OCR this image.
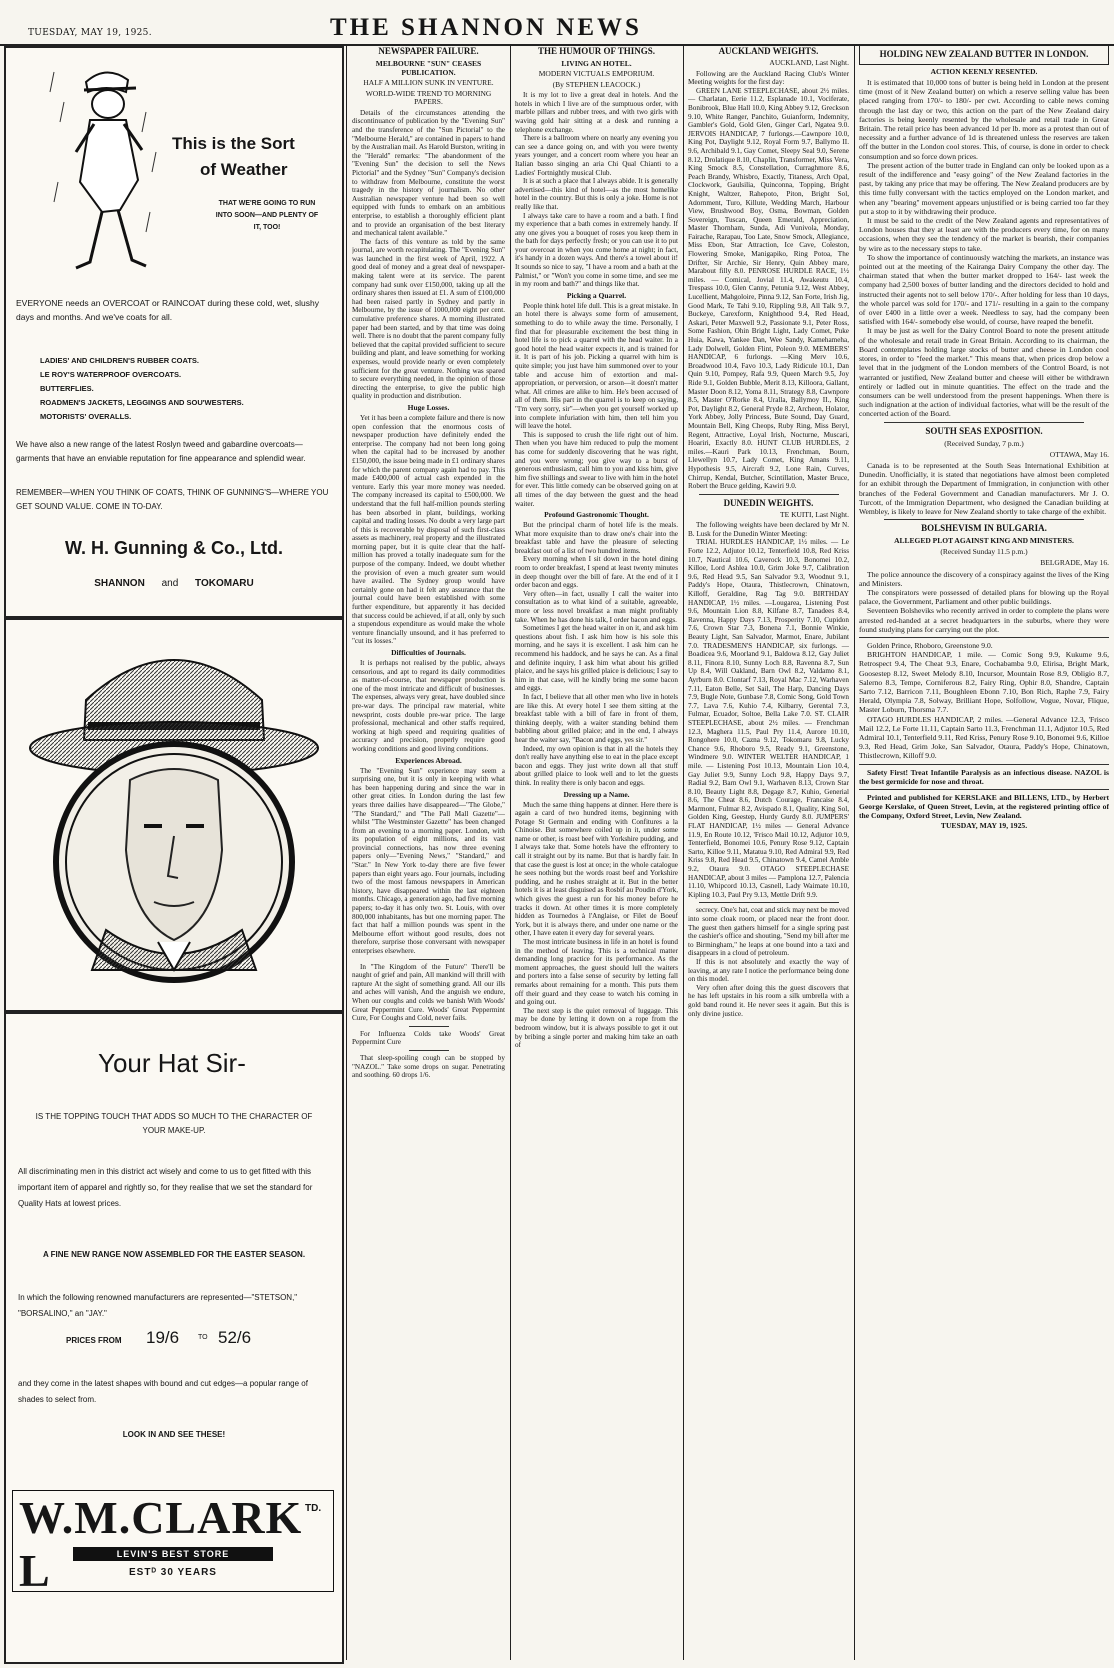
TUESDAY, MAY 19, 1925.	THE SHANNON NEWS
This is the Sort
of Weather
THAT WE'RE GOING TO RUN
INTO SOON—AND PLENTY OF
IT, TOO!

EVERYONE needs an OVERCOAT or RAINCOAT during these cold, wet, slushy days and months. And we've coats for all.

LADIES' AND CHILDREN'S RUBBER COATS.
LE ROY'S WATERPROOF OVERCOATS.
BUTTERFLIES.
ROADMEN'S JACKETS, LEGGINGS AND SOU'WESTERS.
MOTORISTS' OVERALLS.

We have also a new range of the latest Roslyn tweed and gabardine overcoats—garments that have an enviable reputation for fine appearance and splendid wear.

REMEMBER—WHEN YOU THINK OF COATS, THINK OF GUNNING'S—WHERE YOU GET SOUND VALUE. COME IN TO-DAY.

W. H. Gunning & Co., Ltd.
SHANNON and TOKOMARU
Your Hat Sir-

IS THE TOPPING TOUCH THAT ADDS SO MUCH TO THE CHARACTER OF YOUR MAKE-UP.

All discriminating men in this district act wisely and come to us to get fitted with this important item of apparel and rightly so, for they realise that we set the standard for Quality Hats at lowest prices.

A FINE NEW RANGE NOW ASSEMBLED FOR THE EASTER SEASON.

In which the following renowned manufacturers are represented—"STETSON," "BORSALINO," an "JAY."

PRICES FROM 19/6	TO 52/6

and they come in the latest shapes with bound and cut edges—a popular range of shades to select from.

LOOK IN AND SEE THESE!
W.M.CLARK L
TD.
LEVIN'S BEST STORE
ESTᴰ 30 YEARS
NEWSPAPER FAILURE.
MELBOURNE "SUN" CEASES PUBLICATION.
HALF A MILLION SUNK IN VENTURE.
WORLD-WIDE TREND TO MORNING PAPERS.

Details of the circumstances attending the discontinuance of publication by the "Evening Sun" and the transference of the "Sun Pictorial" to the "Melbourne Herald," are contained in papers to hand by the Australian mail. As Harold Burston, writing in the "Herald" remarks: "The abandonment of the "Evening Sun" the decision to sell the News Pictorial" and the Sydney "Sun" Company's decision to withdraw from Melbourne, constitute the worst tragedy in the history of journalism. No other Australian newspaper venture had been so well equipped with funds to embark on an ambitious enterprise, to establish a thoroughly efficient plant and to provide an organisation of the best literary and mechanical talent available."

The facts of this venture as told by the same journal, are worth recapitulating. The "Evening Sun" was launched in the first week of April, 1922. A good deal of money and a great deal of newspaper-making talent were at its service. The parent company had sunk over £150,000, taking up all the ordinary shares then issued at £1. A sum of £100,000 had been raised partly in Sydney and partly in Melbourne, by the issue of 1000,000 eight per cent. cumulative preference shares. A morning illustrated paper had been started, and by that time was doing well. There is no doubt that the parent company fully believed that the capital provided sufficient to secure building and plant, and leave something for working expenses, would provide nearly or even completely sufficient for the great venture. Nothing was spared to secure everything needed, in the opinion of those directing the enterprise, to give the public high quality in production and distribution.

Huge Losses.

Yet it has been a complete failure and there is now open confession that the enormous costs of newspaper production have definitely ended the enterprise. The company had not been long going when the capital had to be increased by another £150,000, the issue being made in £1 ordinary shares for which the parent company again had to pay. This made £400,000 of actual cash expended in the venture. Early this year more money was needed. The company increased its capital to £500,000. We understand that the full half-million pounds sterling has been absorbed in plant, buildings, working capital and trading losses. No doubt a very large part of this is recoverable by disposal of such first-class assets as machinery, real property and the illustrated morning paper, but it is quite clear that the half-million has proved a totally inadequate sum for the purpose of the company. Indeed, we doubt whether the provision of even a much greater sum would have availed. The Sydney group would have certainly gone on had it felt any assurance that the journal could have been established with some further expenditure, but apparently it has decided that success could be achieved, if at all, only by such a stupendous expenditure as would make the whole venture financially unsound, and it has preferred to "cut its losses."

Difficulties of Journals.

It is perhaps not realised by the public, always censorious, and apt to regard its daily commodities as matter-of-course, that newspaper production is one of the most intricate and difficult of businesses. The expenses, always very great, have doubled since pre-war days. The principal raw material, white newsprint, costs double pre-war price. The large professional, mechanical and other staffs required, working at high speed and requiring qualities of accuracy and precision, properly require good working conditions and good living conditions.

Experiences Abroad.

The "Evening Sun" experience may seem a surprising one, but it is only in keeping with what has been happening during and since the war in other great cities. In London during the last few years three dailies have disappeared—"The Globe," "The Standard," and "The Pall Mall Gazette"—whilst "The Westminster Gazette" has been changed from an evening to a morning paper. London, with its population of eight millions, and its vast provincial connections, has now three evening papers only—"Evening News," "Standard," and "Star." In New York to-day there are five fewer papers than eight years ago. Four journals, including two of the most famous newspapers in American history, have disappeared within the last eighteen months. Chicago, a generation ago, had five morning papers; to-day it has only two. St. Louis, with over 800,000 inhabitants, has but one morning paper. The fact that half a million pounds was spent in the Melbourne effort without good results, does not therefore, surprise those conversant with newspaper enterprises elsewhere.

In "The Kingdom of the Future" There'll be naught of grief and pain, All mankind will thrill with rapture At the sight of something grand. All our ills and aches will vanish, And the anguish we endure, When our coughs and colds we banish With Woods' Great Peppermint Cure. Woods' Great Peppermint Cure, For Coughs and Cold, never fails.

For Influenza Colds take Woods' Great Peppermint Cure

That sleep-spoiling cough can be stopped by "NAZOL." Take some drops on sugar. Penetrating and soothing. 60 drops 1/6.

THE HUMOUR OF THINGS.
LIVING AN HOTEL.
MODERN VICTUALS EMPORIUM.
(By STEPHEN LEACOCK.)

It is my lot to live a great deal in hotels. And the hotels in which I live are of the sumptuous order, with marble pillars and rubber trees, and with two girls with waving gold hair sitting at a desk and running a telephone exchange.

There is a ballroom where on nearly any evening you can see a dance going on, and with you were twenty years younger, and a concert room where you hear an Italian basso singing an aria Chi Qual Chianti to a Ladies' Fortnightly musical Club.

It is at such a place that I always abide. It is generally advertised—this kind of hotel—as the most homelike hotel in the country. But this is only a joke. Home is not really like that.

I always take care to have a room and a bath. I find my experience that a bath comes in extremely handy. If any one gives you a bouquet of roses you keep them in the bath for days perfectly fresh; or you can use it to put your overcoat in when you come home at night; in fact, it's handy in a dozen ways. And there's a towel about it! It sounds so nice to say, "I have a room and a bath at the Palmist," or "Won't you come in some time, and see me in my room and bath?" and things like that.

Picking a Quarrel.

People think hotel life dull. This is a great mistake. In an hotel there is always some form of amusement, something to do to while away the time. Personally, I find that for pleasurable excitement the best thing in hotel life is to pick a quarrel with the head waiter. In a good hotel the head waiter expects it, and is trained for it. It is part of his job. Picking a quarrel with him is quite simple; you just have him summoned over to your table and accuse him of extortion and mal-appropriation, or perversion, or arson—it doesn't matter what. All crimes are alike to him. He's been accused of all of them. His part in the quarrel is to keep on saying, "I'm very sorry, sir"—when you get yourself worked up into complete infuriation with him, then tell him you will leave the hotel.

This is supposed to crush the life right out of him. Then when you have him reduced to pulp the moment has come for suddenly discovering that he was right, and you were wrong; you give way to a burst of generous enthusiasm, call him to you and kiss him, give him five shillings and swear to live with him in the hotel for ever. This little comedy can be observed going on at all times of the day between the guest and the head waiter.

Profound Gastronomic Thought.

But the principal charm of hotel life is the meals. What more exquisite than to draw one's chair into the breakfast table and have the pleasure of selecting breakfast out of a list of two hundred items.

Every morning when I sit down in the hotel dining room to order breakfast, I spend at least twenty minutes in deep thought over the bill of fare. At the end of it I order bacon and eggs.

Very often—in fact, usually I call the waiter into consultation as to what kind of a suitable, agreeable, more or less novel breakfast a man might profitably take. When he has done his talk, I order bacon and eggs.

Sometimes I get the head waiter in on it, and ask him questions about fish. I ask him how is his sole this morning, and he says it is excellent. I ask him can he recommend his haddock, and he says he can. As a final and definite inquiry, I ask him what about his grilled plaice, and he says his grilled plaice is delicious; I say to him in that case, will he kindly bring me some bacon and eggs.

In fact, I believe that all other men who live in hotels are like this. At every hotel I see them sitting at the breakfast table with a bill of fare in front of them, thinking deeply, with a waiter standing behind them babbling about grilled plaice; and in the end, I always hear the waiter say, "Bacon and eggs, yes sir."

Indeed, my own opinion is that in all the hotels they don't really have anything else to eat in the place except bacon and eggs. They just write down all that stuff about grilled plaice to look well and to let the guests think. In reality there is only bacon and eggs.

Dressing up a Name.

Much the same thing happens at dinner. Here there is again a card of two hundred items, beginning with Potage St Germain and ending with Confitures a la Chinoise. But somewhere coiled up in it, under some name or other, is roast beef with Yorkshire pudding, and I always take that. Some hotels have the effrontery to call it straight out by its name. But that is hardly fair. In that case the guest is lost at once; in the whole catalogue he sees nothing but the words roast beef and Yorkshire pudding, and he rushes straight at it. But in the better hotels it is at least disguised as Rosbif au Poudin d'York, which gives the guest a run for his money before he tracks it down. At other times it is more completely hidden as Tournedos à l'Anglaise, or Filet de Boeuf York, but it is always there, and under one name or the other, I have eaten it every day for several years.

The most intricate business in life in an hotel is found in the method of leaving. This is a technical matter demanding long practice for its performance. As the moment approaches, the guest should lull the waiters and porters into a false sense of security by letting fall remarks about remaining for a month. This puts them off their guard and they cease to watch his coming in and going out.

The next step is the quiet removal of luggage. This may be done by letting it down on a rope from the bedroom window, but it is always possible to get it out by bribing a single porter and making him take an oath of

AUCKLAND WEIGHTS.
AUCKLAND, Last Night.

Following are the Auckland Racing Club's Winter Meeting weights for the first day:

GREEN LANE STEEPLECHASE, about 2½ miles. — Charlatan, Eerie 11.2, Esplanade 10.1, Vociferate, Bonibrook, Blue Hall 10.0, King Abbey 9.12, Greckson 9.10, White Ranger, Panchito, Guianform, Indemnity, Gambler's Gold, Gold Glen, Ginger Carl, Ngatea 9.0. JERVOIS HANDICAP, 7 furlongs.—Cawnpore 10.0, King Pot, Daylight 9.12, Royal Form 9.7, Ballymo II. 9.6, Archibald 9.1, Gay Comet, Sleepy Seal 9.0, Serene 8.12, Drolatique 8.10, Chaplin, Transformer, Miss Vera, King Smock 8.5, Constellation, Curraghmore 8.6, Peach Brandy, Whisbro, Exactly, Titaness, Arch Opal, Clockwork, Gaulsilia, Quinconna, Topping, Bright Knight, Waltzer, Rahepoto, Piton, Bright Sol, Adornment, Turo, Killute, Wedding March, Harbour View, Brushwood Boy, Osma, Bowman, Golden Sovereign, Tuscan, Queen Emerald, Appreciation, Master Thornham, Sunda, Adi Vunivola, Monday, Fairache, Rarapau, Too Late, Snow Smock, Allegiance, Miss Ebon, Star Attraction, Ice Cave, Coleston, Flowering Smoke, Manigapiko, Ring Potoa, The Drifter, Sir Archie, Sir Henry, Quin Abbey mare, Marabout filly 8.0. PENROSE HURDLE RACE, 1½ miles. — Comical, Jovial 11.4, Awakeutu 10.4, Trespass 10.0, Glen Canny, Petunia 9.12, West Abbey, Lucellient, Mahgoloire, Pinna 9.12, San Forte, Irish Jig, Good Mark, Te Tahi 9.10, Rippling 9.8, All Talk 9.7, Buckeye, Carexform, Knighthood 9.4, Red Head, Askari, Peter Maxwell 9.2, Passionate 9.1, Peter Ross, Some Fashion, Ohin Bright Light, Lady Comet, Puke Huia, Kawa, Yankee Dan, Wee Sandy, Kamehameha, Lady Dolwell, Golden Flint, Poleon 9.0. MEMBERS' HANDICAP, 6 furlongs. —King Merv 10.6, Broadwood 10.4, Favo 10.3, Lady Ridicule 10.1, Dan Quin 9.10, Pompey, Rafa 9.9, Queen March 9.5, Joy Ride 9.1, Golden Bubble, Merit 8.13, Killoora, Gallant, Master Doon 8.12, Yoma 8.11, Strategy 8.8, Cawnpore 8.5, Master O'Rorke 8.4, Uralla, Ballymoy II., King Pot, Daylight 8.2, General Pryde 8.2, Archeon, Holator, York Abbey, Jolly Princess, Bute Sound, Day Guard, Mountain Bell, King Cheops, Ruby Ring, Miss Beryl, Regent, Attractive, Loyal Irish, Nocturne, Muscari, Hoariri, Exactly 8.0. HUNT CLUB HURDLES, 2 miles.—Kauri Park 10.13, Frenchman, Bourn, Llewellyn 10.7, Lady Comet, King Amans 9.11, Hypothesis 9.5, Aircraft 9.2, Lone Rain, Curves, Chirrup, Kendal, Butcher, Scintillation, Master Bruce, Robert the Bruce gelding, Kawiri 9.0.

DUNEDIN WEIGHTS.
TE KUITI, Last Night.

The following weights have been declared by Mr N. B. Lusk for the Dunedin Winter Meeting:

TRIAL HURDLES HANDICAP, 1½ miles. — Le Forte 12.2, Adjutor 10.12, Tenterfield 10.8, Red Kriss 10.7, Nautical 10.6, Caverock 10.3, Bonomei 10.2, Killoe, Lord Ashlea 10.0, Grim Joke 9.7, Calibration 9.6, Red Head 9.5, San Salvador 9.3, Woodnut 9.1, Paddy's Hope, Otaura, Thistlecrown, Chinatown, Killoff, Geraldine, Rag Tag 9.0. BIRTHDAY HANDICAP, 1½ miles. —Lougarea, Listening Post 9.6, Mountain Lion 8.8, Kilfane 8.7, Tanadees 8.4, Ravenna, Happy Days 7.13, Prosperity 7.10, Cupidon 7.6, Crown Star 7.3, Bonena 7.1, Bonnie Winkie, Beauty Light, San Salvador, Marmot, Enare, Jubilant 7.0. TRADESMEN'S HANDICAP, six furlongs. — Boadicea 9.6, Moorland 9.1, Baldowa 8.12, Gay Juliet 8.11, Finora 8.10, Sunny Loch 8.8, Ravenna 8.7, Sun Up 8.4, Will Oakland, Barn Owl 8.2, Valdamo 8.1, Ayrburn 8.0. Clontarf 7.13, Royal Mac 7.12, Warhaven 7.11, Eaton Belle, Set Sail, The Harp, Dancing Days 7.9, Bugle Note, Gunbase 7.8, Comic Song, Gold Town 7.7, Lava 7.6, Kuhio 7.4, Kilbarry, Gerental 7.3, Fulmar, Ecuador, Soltoe, Bella Lake 7.0. ST. CLAIR STEEPLECHASE, about 2½ miles. — Frenchman 12.3, Maghera 11.5, Paul Pry 11.4, Aurore 10.10, Rongohere 10.0, Cazna 9.12, Tokomaru 9.8, Lucky Chance 9.6, Rhoboro 9.5, Ready 9.1, Greenstone, Windmere 9.0. WINTER WELTER HANDICAP, 1 mile. — Listening Post 10.13, Mountain Lion 10.4, Gay Juliet 9.9, Sunny Loch 9.8, Happy Days 9.7, Radial 9.2, Barn Owl 9.1, Warhaven 8.13, Crown Star 8.10, Beauty Light 8.8, Degage 8.7, Kuhio, Generial 8.6, The Cheat 8.6, Dutch Courage, Francaise 8.4, Marmont, Fulmar 8.2, Avispado 8.1, Quality, King Sol, Golden King, Geestep, Hurdy Gurdy 8.0. JUMPERS' FLAT HANDICAP, 1½ miles — General Advance 11.9, En Route 10.12, 'Frisco Mail 10.12, Adjutor 10.9, Tenterfield, Bonomei 10.6, Penury Rose 9.12, Captain Sarto, Killoe 9.11, Matatua 9.10, Red Admiral 9.9, Red Kriss 9.8, Red Head 9.5, Chinatown 9.4, Camel Amble 9.2, Otaura 9.0. OTAGO STEEPLECHASE HANDICAP, about 3 miles — Pamplona 12.7, Palencia 11.10, Whipcord 10.13, Casnell, Lady Waimate 10.10, Kipling 10.3, Paul Pry 9.13, Mettle Drift 9.9.

secrecy. One's hat, coat and stick may next be moved into some cloak room, or placed near the front door. The guest then gathers himself for a single spring past the cashier's office and shouting, "Send my bill after me to Birmingham," he leaps at one bound into a taxi and disappears in a cloud of petroleum.

If this is not absolutely and exactly the way of leaving, at any rate I notice the performance being done on this model.

Very often after doing this the guest discovers that he has left upstairs in his room a silk umbrella with a gold band round it. He never sees it again. But this is only divine justice.

HOLDING NEW ZEALAND BUTTER IN LONDON.
ACTION KEENLY RESENTED.

It is estimated that 10,000 tons of butter is being held in London at the present time (most of it New Zealand butter) on which a reserve selling value has been placed ranging from 170/- to 180/- per cwt. According to cable news coming through the last day or two, this action on the part of the New Zealand dairy factories is being keenly resented by the wholesale and retail trade in Great Britain. The retail price has been advanced 1d per lb. more as a protest than out of necessity and a further advance of 1d is threatened unless the reserves are taken off the butter in the London cool stores. This, of course, is done in order to check consumption and so force down prices.

The present action of the butter trade in England can only be looked upon as a result of the indifference and "easy going" of the New Zealand factories in the past, by taking any price that may be offering. The New Zealand producers are by this time fully conversant with the tactics employed on the London market, and when any "bearing" movement appears unjustified or is being carried too far they put a stop to it by withdrawing their produce.

It must be said to the credit of the New Zealand agents and representatives of London houses that they at least are with the producers every time, for on many occasions, when they see the tendency of the market is bearish, their companies by wire as to the necessary steps to take.

To show the importance of continuously watching the markets, an instance was pointed out at the meeting of the Kairanga Dairy Company the other day. The chairman stated that when the butter market dropped to 164/- last week the company had 2,500 boxes of butter landing and the directors decided to hold and instructed their agents not to sell below 170/-. After holding for less than 10 days, the whole parcel was sold for 170/- and 171/- resulting in a gain to the company of over £400 in a little over a week. Needless to say, had the company been satisfied with 164/- somebody else would, of course, have reaped the benefit.

It may be just as well for the Dairy Control Board to note the present attitude of the wholesale and retail trade in Great Britain. According to its chairman, the Board contemplates holding large stocks of butter and cheese in London cool stores, in order to "feed the market." This means that, when prices drop below a level that in the judgment of the London members of the Control Board, is not warranted or justified, New Zealand butter and cheese will either be withdrawn entirely or ladled out in minute quantities. The effect on the trade and the consumers can be well understood from the present happenings. When there is such indignation at the action of individual factories, what will be the result of the concerted action of the Board.

SOUTH SEAS EXPOSITION.
(Received Sunday, 7 p.m.)
OTTAWA, May 16.

Canada is to be represented at the South Seas International Exhibition at Dunedin. Unofficially, it is stated that negotiations have almost been completed for an exhibit through the Department of Immigration, in conjunction with other branches of the Federal Government and Canadian manufacturers. Mr J. O. Turcott, of the Immigration Department, who designed the Canadian building at Wembley, is likely to leave for New Zealand shortly to take charge of the exhibit.

BOLSHEVISM IN BULGARIA.
ALLEGED PLOT AGAINST KING AND MINISTERS.
(Received Sunday 11.5 p.m.)
BELGRADE, May 16.

The police announce the discovery of a conspiracy against the lives of the King and Ministers.

The conspirators were possessed of detailed plans for blowing up the Royal palace, the Government, Parliament and other public buildings.

Seventeen Bolsheviks who recently arrived in order to complete the plans were arrested red-handed at a secret headquarters in the suburbs, where they were found studying plans for carrying out the plot.

Golden Prince, Rhoboro, Greenstone 9.0.

BRIGHTON HANDICAP, 1 mile. — Comic Song 9.9, Kukume 9.6, Retrospect 9.4, The Cheat 9.3, Enare, Cochabamba 9.0, Elirisa, Bright Mark, Goosestep 8.12, Sweet Melody 8.10, Incursor, Mountain Rose 8.9, Obligio 8.7, Salerno 8.3, Tempe, Corniferous 8.2, Fairy Ring, Ophir 8.0, Shandre, Captain Sarto 7.12, Barricon 7.11, Boughleen Ebonn 7.10, Bon Rich, Raphe 7.9, Fairy Herald, Olympia 7.8, Solway, Brilliant Hope, Solfollow, Vogue, Novar, Flique, Master Loburn, Thorsma 7.7.

OTAGO HURDLES HANDICAP, 2 miles. —General Advance 12.3, 'Frisco Mail 12.2, Le Forte 11.11, Captain Sarto 11.3, Frenchman 11.1, Adjutor 10.5, Red Admiral 10.1, Tenterfield 9.11, Red Kriss, Penury Rose 9.10, Bonomei 9.6, Killoe 9.3, Red Head, Grim Joke, San Salvador, Otaura, Paddy's Hope, Chinatown, Thistlecrown, Killoff 9.0.

Safety First! Treat Infantile Paralysis as an infectious disease. NAZOL is the best germicide for nose and throat.

Printed and published for KERSLAKE and BILLENS, LTD., by Herbert George Kerslake, of Queen Street, Levin, at the registered printing office of the Company, Oxford Street, Levin, New Zealand.

TUESDAY, MAY 19, 1925.
